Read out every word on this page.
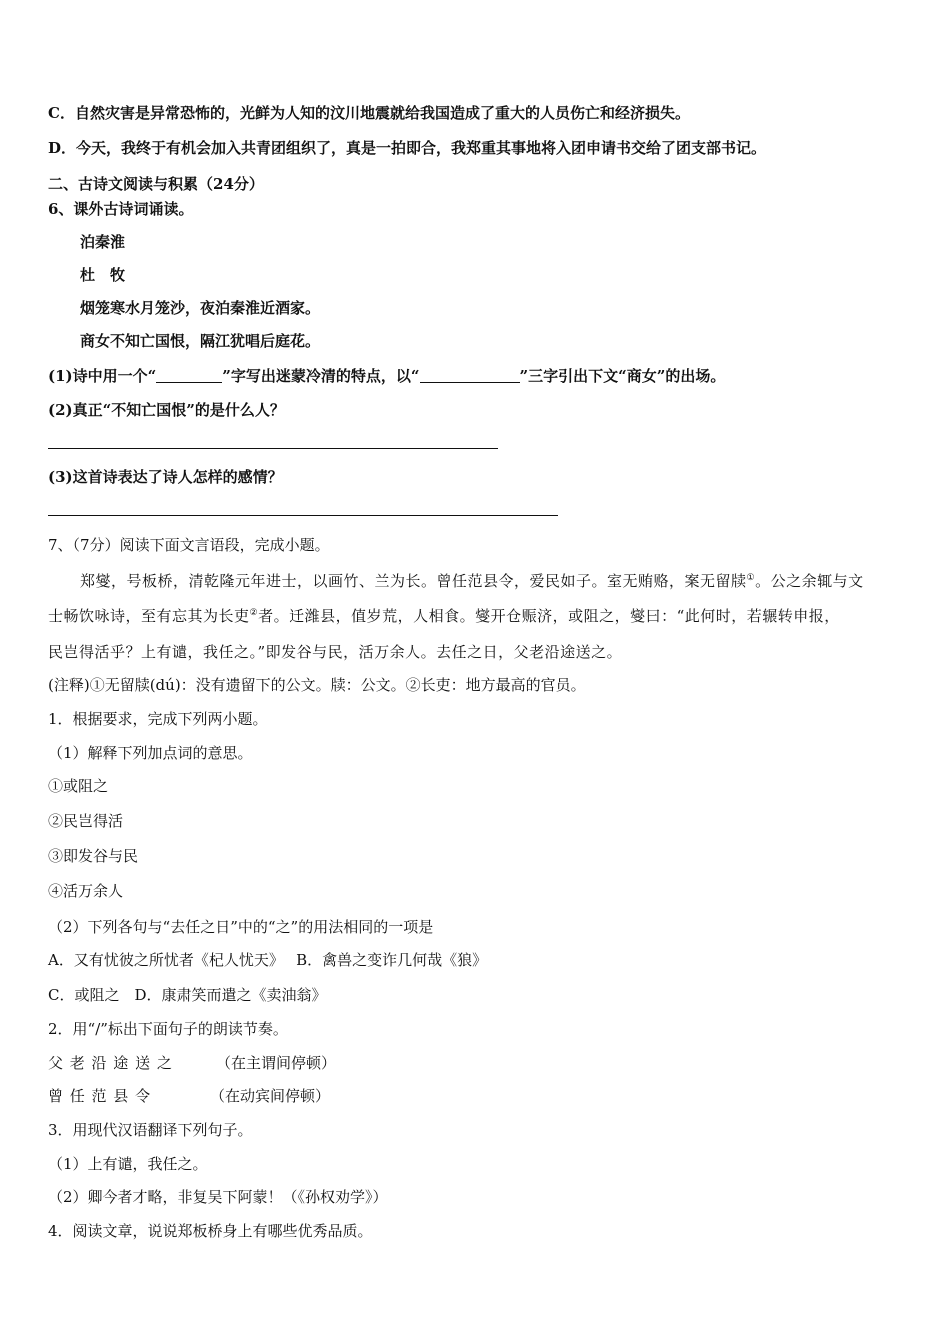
C．自然灾害是异常恐怖的，光鲜为人知的汶川地震就给我国造成了重大的人员伤亡和经济损失。
D．今天，我终于有机会加入共青团组织了，真是一拍即合，我郑重其事地将入团申请书交给了团支部书记。
二、古诗文阅读与积累（24分）
6、课外古诗词诵读。
泊秦淮
杜　牧
烟笼寒水月笼沙，夜泊秦淮近酒家。
商女不知亡国恨，隔江犹唱后庭花。
(1)诗中用一个“	”字写出迷蒙冷清的特点，以“	”三字引出下文“商女”的出场。
(2)真正“不知亡国恨”的是什么人？
(3)这首诗表达了诗人怎样的感情？
7、（7分）阅读下面文言语段，完成小题。
郑燮，号板桥，清乾隆元年进士，以画竹、兰为长。曾任范县令，爱民如子。室无贿赂，案无留牍①。公之余辄与文
士畅饮咏诗，至有忘其为长吏②者。迁潍县，值岁荒，人相食。燮开仓赈济，或阻之，燮曰：“此何时，若辗转申报，
民岂得活乎？上有谴，我任之。”即发谷与民，活万余人。去任之日，父老沿途送之。
(注释)①无留牍(dú)：没有遗留下的公文。牍：公文。②长吏：地方最高的官员。
1．根据要求，完成下列两小题。
（1）解释下列加点词的意思。
①或阻之
②民岂得活
③即发谷与民
④活万余人
（2）下列各句与“去任之日”中的“之”的用法相同的一项是
A．又有忧彼之所忧者《杞人忧天》　 B．禽兽之变诈几何哉《狼》
C．或阻之　D．康肃笑而遣之《卖油翁》
2．用“/”标出下面句子的朗读节奏。
父 老 沿 途 送 之	（在主谓间停顿）
曾 任 范 县 令	（在动宾间停顿）
3．用现代汉语翻译下列句子。
（1）上有谴，我任之。
（2）卿今者才略，非复吴下阿蒙！（《孙权劝学》）
4．阅读文章，说说郑板桥身上有哪些优秀品质。
